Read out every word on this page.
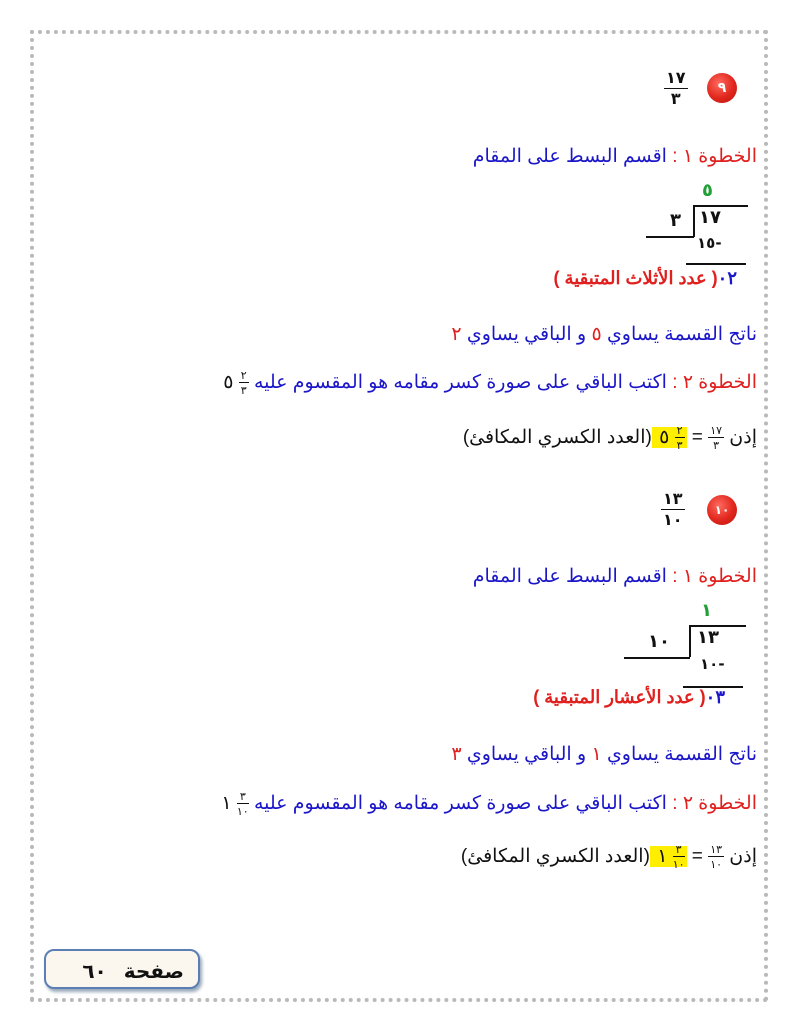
٩
$\frac{١٧}{٣}$
الخطوة ١ : اقسم البسط على المقام
٥
١٧
٣
١٥-
٠٢( عدد الأثلاث المتبقية )
ناتج القسمة يساوي ٥ و الباقي يساوي ٢
الخطوة ٢ : اكتب الباقي على صورة كسر مقامه هو المقسوم عليه
$\frac{٢}{٣}$
٥
إذن
$\frac{١٧}{٣}$
=
$\frac{٢}{٣}$
٥ (العدد الكسري المكافئ)
١٠
$\frac{١٣}{١٠}$
الخطوة ١ : اقسم البسط على المقام
١
١٣
١٠
١٠-
٠٣( عدد الأعشار المتبقية )
ناتج القسمة يساوي ١ و الباقي يساوي ٣
الخطوة ٢ : اكتب الباقي على صورة كسر مقامه هو المقسوم عليه
$\frac{٣}{١٠}$
١
إذن
$\frac{١٣}{١٠}$
=
$\frac{٣}{١٠}$
١ (العدد الكسري المكافئ)
صفحة ٦٠
